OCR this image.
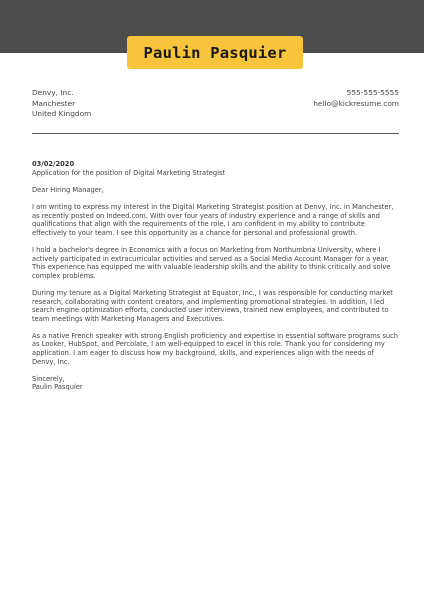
Paulin Pasquier
Denvy, Inc.
Manchester
United Kingdom
555-555-5555
hello@kickresume.com
03/02/2020
Application for the position of Digital Marketing Strategist

Dear Hiring Manager,

I am writing to express my interest in the Digital Marketing Strategist position at Denvy, Inc. in Manchester, as recently posted on Indeed.com. With over four years of industry experience and a range of skills and qualifications that align with the requirements of the role, I am confident in my ability to contribute effectively to your team. I see this opportunity as a chance for personal and professional growth.

I hold a bachelor's degree in Economics with a focus on Marketing from Northumbria University, where I actively participated in extracurricular activities and served as a Social Media Account Manager for a year. This experience has equipped me with valuable leadership skills and the ability to think critically and solve complex problems.

During my tenure as a Digital Marketing Strategist at Equator, Inc., I was responsible for conducting market research, collaborating with content creators, and implementing promotional strategies. In addition, I led search engine optimization efforts, conducted user interviews, trained new employees, and contributed to team meetings with Marketing Managers and Executives.

As a native French speaker with strong English proficiency and expertise in essential software programs such as Looker, HubSpot, and Percolate, I am well-equipped to excel in this role. Thank you for considering my application. I am eager to discuss how my background, skills, and experiences align with the needs of Denvy, Inc.

Sincerely,
Paulin Pasquier
